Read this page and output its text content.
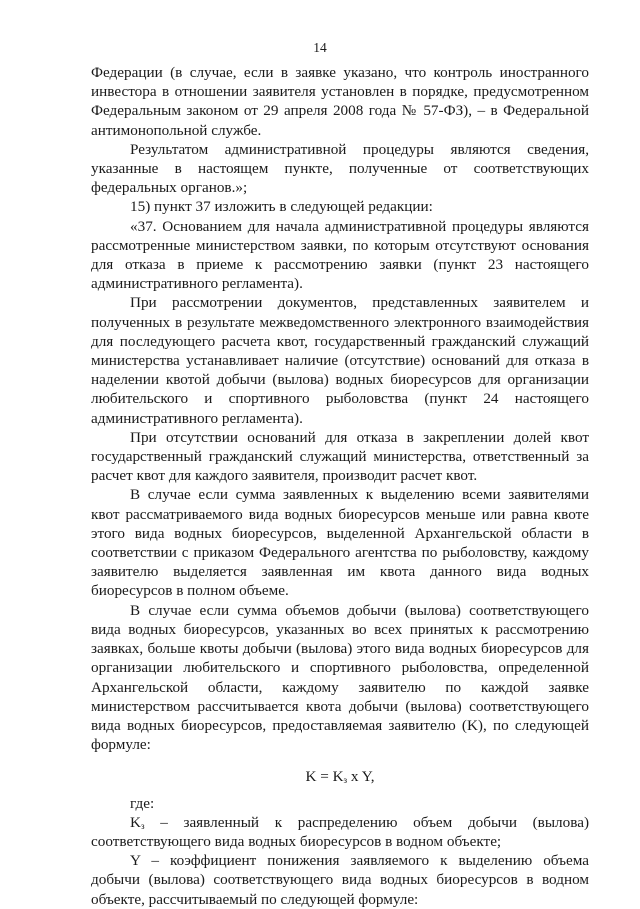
14

Федерации (в случае, если в заявке указано, что контроль иностранного инвестора в отношении заявителя установлен в порядке, предусмотренном Федеральным законом от 29 апреля 2008 года № 57-ФЗ), – в Федеральной антимонопольной службе.

Результатом административной процедуры являются сведения, указанные в настоящем пункте, полученные от соответствующих федеральных органов.»;

15) пункт 37 изложить в следующей редакции:

«37. Основанием для начала административной процедуры являются рассмотренные министерством заявки, по которым отсутствуют основания для отказа в приеме к рассмотрению заявки (пункт 23 настоящего административного регламента).

При рассмотрении документов, представленных заявителем и полученных в результате межведомственного электронного взаимодействия для последующего расчета квот, государственный гражданский служащий министерства устанавливает наличие (отсутствие) оснований для отказа в наделении квотой добычи (вылова) водных биоресурсов для организации любительского и спортивного рыболовства (пункт 24 настоящего административного регламента).

При отсутствии оснований для отказа в закреплении долей квот государственный гражданский служащий министерства, ответственный за расчет квот для каждого заявителя, производит расчет квот.

В случае если сумма заявленных к выделению всеми заявителями квот рассматриваемого вида водных биоресурсов меньше или равна квоте этого вида водных биоресурсов, выделенной Архангельской области в соответствии с приказом Федерального агентства по рыболовству, каждому заявителю выделяется заявленная им квота данного вида водных биоресурсов в полном объеме.

В случае если сумма объемов добычи (вылова) соответствующего вида водных биоресурсов, указанных во всех принятых к рассмотрению заявках, больше квоты добычи (вылова) этого вида водных биоресурсов для организации любительского и спортивного рыболовства, определенной Архангельской области, каждому заявителю по каждой заявке министерством рассчитывается квота добычи (вылова) соответствующего вида водных биоресурсов, предоставляемая заявителю (K), по следующей формуле:

$K = K_з$ x Y,

где:

$K_з$ – заявленный к распределению объем добычи (вылова) соответствующего вида водных биоресурсов в водном объекте;

Y – коэффициент понижения заявляемого к выделению объема добычи (вылова) соответствующего вида водных биоресурсов в водном объекте, рассчитываемый по следующей формуле:
